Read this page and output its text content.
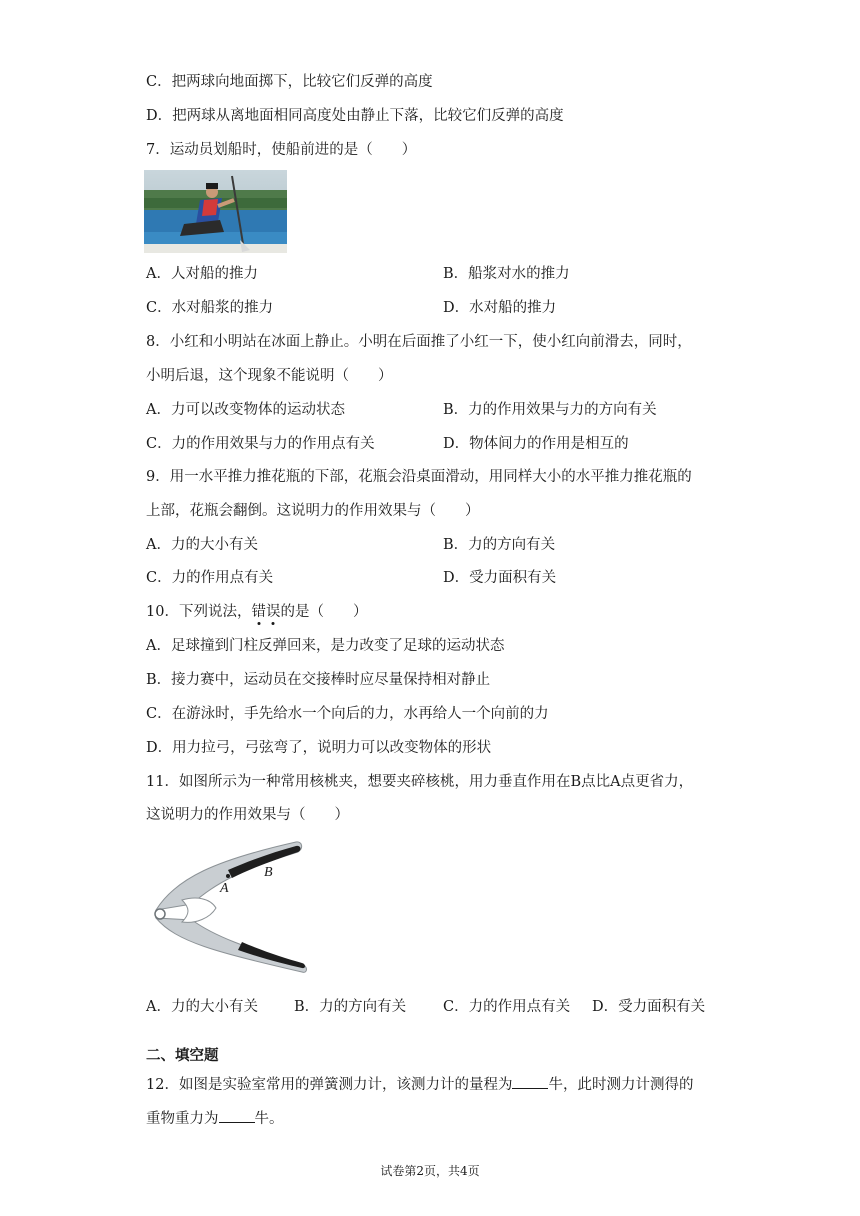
C．把两球向地面掷下，比较它们反弹的高度
D．把两球从离地面相同高度处由静止下落，比较它们反弹的高度
7．运动员划船时，使船前进的是（　　）
A．人对船的推力	B．船浆对水的推力
C．水对船浆的推力	D．水对船的推力
8．小红和小明站在冰面上静止。小明在后面推了小红一下，使小红向前滑去，同时，
小明后退，这个现象不能说明（　　）
A．力可以改变物体的运动状态	B．力的作用效果与力的方向有关
C．力的作用效果与力的作用点有关	D．物体间力的作用是相互的
9．用一水平推力推花瓶的下部，花瓶会沿桌面滑动，用同样大小的水平推力推花瓶的
上部，花瓶会翻倒。这说明力的作用效果与（　　）
A．力的大小有关	B．力的方向有关
C．力的作用点有关	D．受力面积有关
10．下列说法，错误的是（　　）
A．足球撞到门柱反弹回来，是力改变了足球的运动状态
B．接力赛中，运动员在交接棒时应尽量保持相对静止
C．在游泳时，手先给水一个向后的力，水再给人一个向前的力
D．用力拉弓，弓弦弯了，说明力可以改变物体的形状
11．如图所示为一种常用核桃夹，想要夹碎核桃，用力垂直作用在B点比A点更省力，
这说明力的作用效果与（　　）
A
B
A．力的大小有关 B．力的方向有关	C．力的作用点有关 D．受力面积有关
二、填空题
12．如图是实验室常用的弹簧测力计，该测力计的量程为 牛，此时测力计测得的
重物重力为 牛。
试卷第2页，共4页
